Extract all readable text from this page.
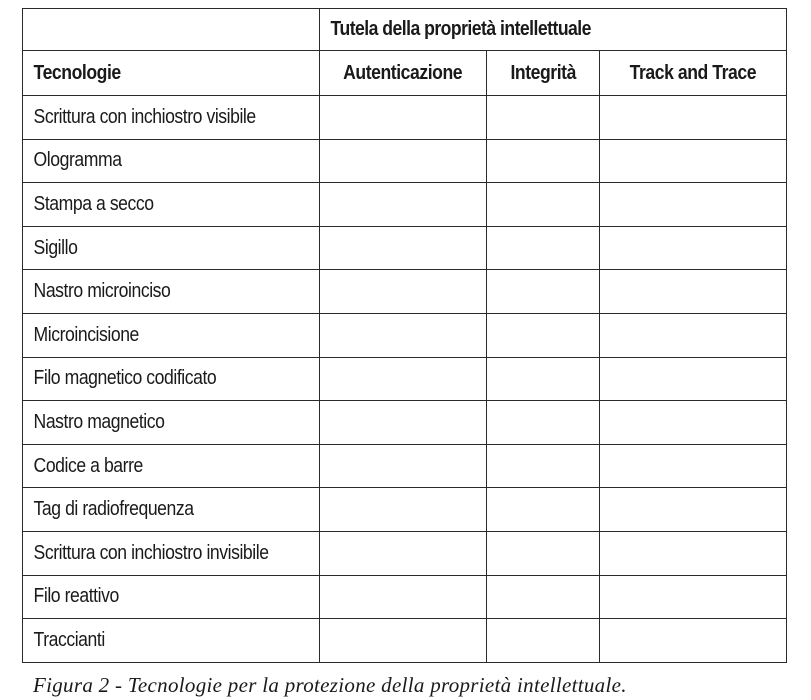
	Tutela della proprietà intellettuale		

Tecnologie	Autenticazione	Integrità	Track and Trace
Scrittura con inchiostro visibile			
Ologramma			
Stampa a secco			
Sigillo			
Nastro microinciso			
Microincisione			
Filo magnetico codificato			
Nastro magnetico			
Codice a barre			
Tag di radiofrequenza			
Scrittura con inchiostro invisibile			
Filo reattivo			
Traccianti			
Figura 2 - Tecnologie per la protezione della proprietà intellettuale.
